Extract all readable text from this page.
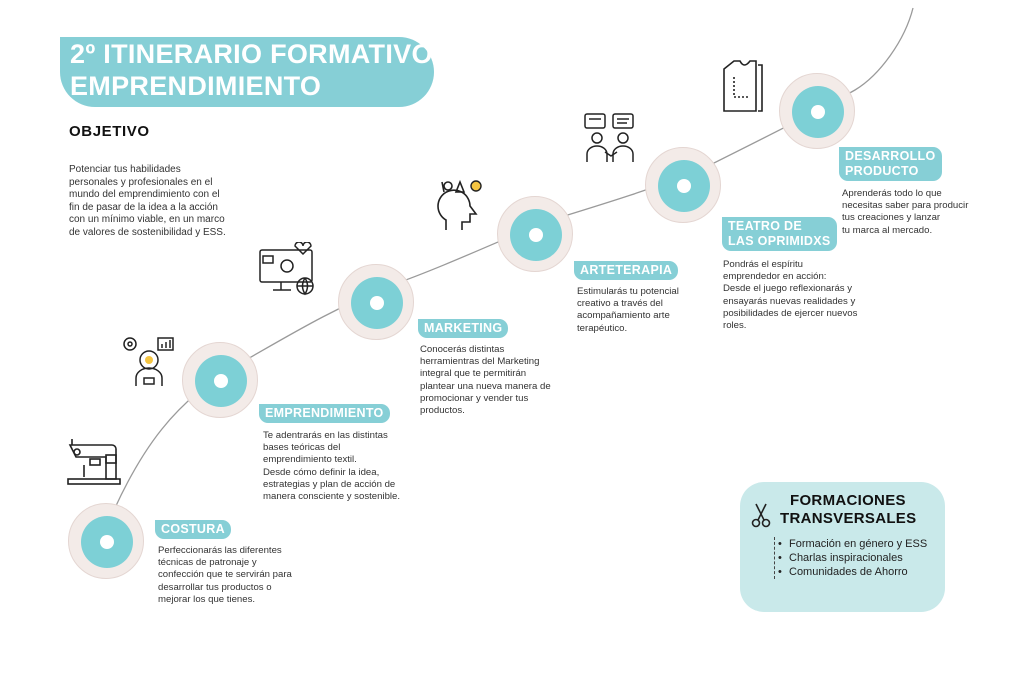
2º ITINERARIO FORMATIVO
EMPRENDIMIENTO
OBJETIVO
Potenciar tus habilidades
personales y profesionales en el
mundo del emprendimiento con el
fin de pasar de la idea a la acción
con un mínimo viable, en un marco
de valores de sostenibilidad y ESS.
COSTURA
Perfeccionarás las diferentes
técnicas de patronaje y
confección que te servirán para
desarrollar tus productos o
mejorar los que tienes.
EMPRENDIMIENTO
Te adentrarás en las distintas
bases teóricas del
emprendimiento textil.
Desde cómo definir la idea,
estrategias y plan de acción de
manera consciente y sostenible.
MARKETING
Conocerás distintas
herramientras del Marketing
integral que te permitirán
plantear una nueva manera de
promocionar y vender tus
productos.
ARTETERAPIA
Estimularás tu potencial
creativo a través del
acompañamiento arte
terapéutico.
TEATRO DE
LAS OPRIMIDXS
Pondrás el espíritu
emprendedor en acción:
Desde el juego reflexionarás y
ensayarás nuevas realidades y
posibilidades de ejercer nuevos
roles.
DESARROLLO
PRODUCTO
Aprenderás todo lo que
necesitas saber para producir
tus creaciones y lanzar
tu marca al mercado.
FORMACIONES
TRANSVERSALES
• Formación en género y ESS
• Charlas inspiracionales
• Comunidades de Ahorro
